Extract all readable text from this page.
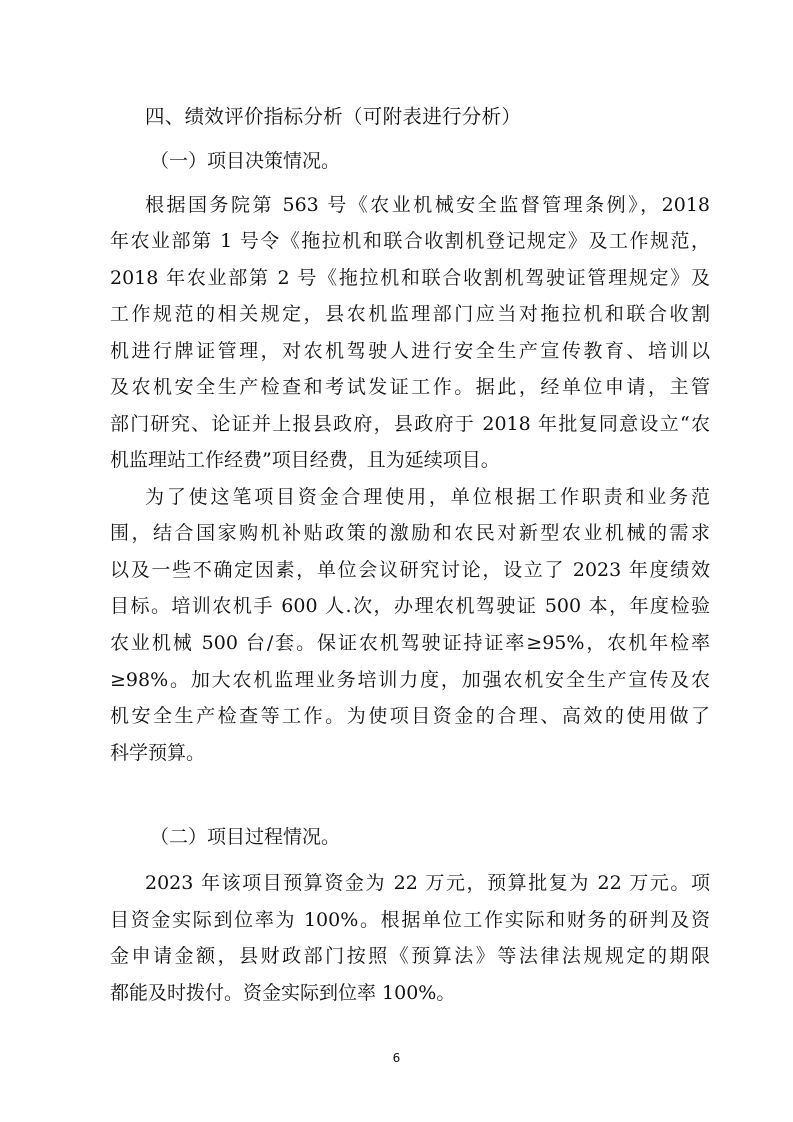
四、绩效评价指标分析（可附表进行分析）
（一）项目决策情况。
根据国务院第 563 号《农业机械安全监督管理条例》，2018
年农业部第 1 号令《拖拉机和联合收割机登记规定》及工作规范，
2018 年农业部第 2 号《拖拉机和联合收割机驾驶证管理规定》及
工作规范的相关规定，县农机监理部门应当对拖拉机和联合收割
机进行牌证管理，对农机驾驶人进行安全生产宣传教育、培训以
及农机安全生产检查和考试发证工作。据此，经单位申请，主管
部门研究、论证并上报县政府，县政府于 2018 年批复同意设立“农
机监理站工作经费”项目经费，且为延续项目。
为了使这笔项目资金合理使用，单位根据工作职责和业务范
围，结合国家购机补贴政策的激励和农民对新型农业机械的需求
以及一些不确定因素，单位会议研究讨论，设立了 2023 年度绩效
目标。培训农机手 600 人.次，办理农机驾驶证 500 本，年度检验
农业机械 500 台/套。保证农机驾驶证持证率≥95%，农机年检率
≥98%。加大农机监理业务培训力度，加强农机安全生产宣传及农
机安全生产检查等工作。为使项目资金的合理、高效的使用做了
科学预算。
（二）项目过程情况。
2023 年该项目预算资金为 22 万元，预算批复为 22 万元。项
目资金实际到位率为 100%。根据单位工作实际和财务的研判及资
金申请金额，县财政部门按照《预算法》等法律法规规定的期限
都能及时拨付。资金实际到位率 100%。
6
